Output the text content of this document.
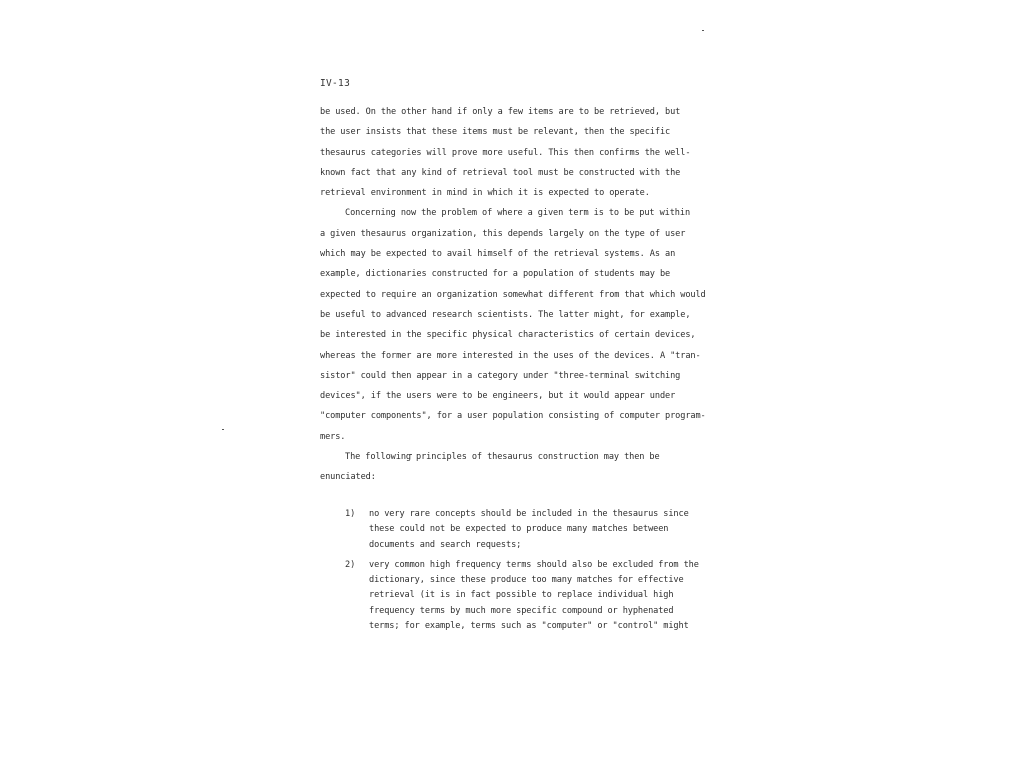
IV-13
be used. On the other hand if only a few items are to be retrieved, but
the user insists that these items must be relevant, then the specific
thesaurus categories will prove more useful. This then confirms the well-
known fact that any kind of retrieval tool must be constructed with the
retrieval environment in mind in which it is expected to operate.
Concerning now the problem of where a given term is to be put within
a given thesaurus organization, this depends largely on the type of user
which may be expected to avail himself of the retrieval systems. As an
example, dictionaries constructed for a population of students may be
expected to require an organization somewhat different from that which would
be useful to advanced research scientists. The latter might, for example,
be interested in the specific physical characteristics of certain devices,
whereas the former are more interested in the uses of the devices. A "tran-
sistor" could then appear in a category under "three-terminal switching
devices", if the users were to be engineers, but it would appear under
"computer components", for a user population consisting of computer program-
mers.
The following principles of thesaurus construction may then be
enunciated:
1) no very rare concepts should be included in the thesaurus since
these could not be expected to produce many matches between
documents and search requests;
2) very common high frequency terms should also be excluded from the
dictionary, since these produce too many matches for effective
retrieval (it is in fact possible to replace individual high
frequency terms by much more specific compound or hyphenated
terms; for example, terms such as "computer" or "control" might
